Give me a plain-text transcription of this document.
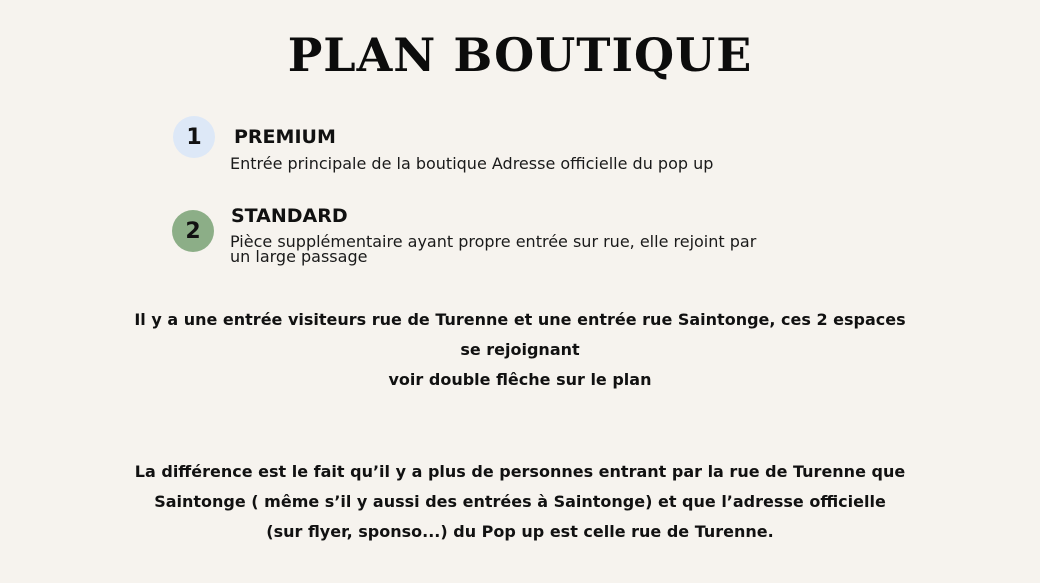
PLAN BOUTIQUE
1	PREMIUM
Entrée principale de la boutique Adresse officielle du pop up
2
STANDARD
Pièce supplémentaire ayant propre entrée sur rue, elle rejoint par
un large passage
Il y a une entrée visiteurs rue de Turenne et une entrée rue Saintonge, ces 2 espaces
se rejoignant
voir double flêche sur le plan
La différence est le fait qu’il y a plus de personnes entrant par la rue de Turenne que
Saintonge ( même s’il y aussi des entrées à Saintonge) et que l’adresse officielle
(sur flyer, sponso...) du Pop up est celle rue de Turenne.
